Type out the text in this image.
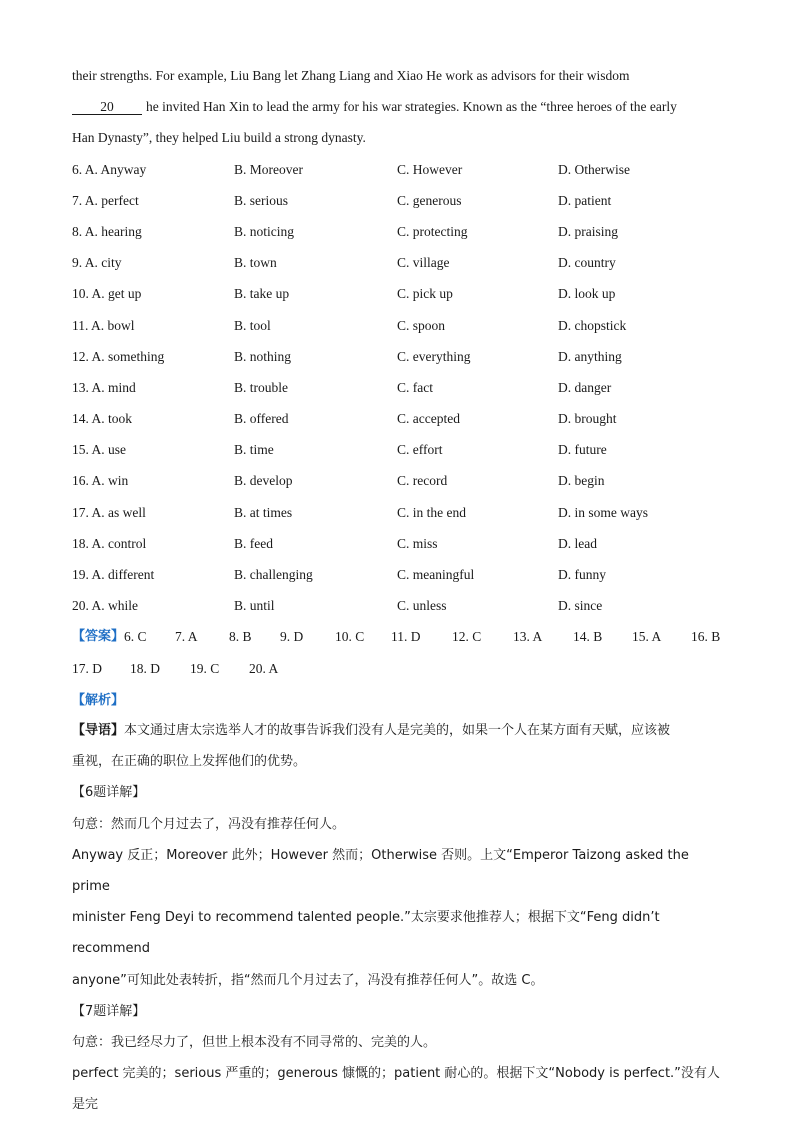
their strengths. For example, Liu Bang let Zhang Liang and Xiao He work as advisors for their wisdom
20 he invited Han Xin to lead the army for his war strategies. Known as the “three heroes of the early
Han Dynasty”, they helped Liu build a strong dynasty.
6. A. Anyway	B. Moreover	C. However	D. Otherwise
7. A. perfect	B. serious	C. generous	D. patient
8. A. hearing	B. noticing	C. protecting	D. praising
9. A. city	B. town	C. village	D. country
10. A. get up	B. take up	C. pick up	D. look up
11. A. bowl	B. tool	C. spoon	D. chopstick
12. A. something	B. nothing	C. everything	D. anything
13. A. mind	B. trouble	C. fact	D. danger
14. A. took	B. offered	C. accepted	D. brought
15. A. use	B. time	C. effort	D. future
16. A. win	B. develop	C. record	D. begin
17. A. as well	B. at times	C. in the end	D. in some ways
18. A. control	B. feed	C. miss	D. lead
19. A. different	B. challenging	C. meaningful	D. funny
20. A. while	B. until	C. unless	D. since
【答案】 6. C	7. A	8. B	9. D	10. C	11. D	12. C	13. A	14. B	15. A	16. B
17. D	18. D	19. C	20. A
【解析】
【导语】本文通过唐太宗选举人才的故事告诉我们没有人是完美的，如果一个人在某方面有天赋，应该被
重视，在正确的职位上发挥他们的优势。
【6题详解】
句意：然而几个月过去了，冯没有推荐任何人。
Anyway 反正；Moreover 此外；However 然而；Otherwise 否则。上文“Emperor Taizong asked the prime
minister Feng Deyi to recommend talented people.”太宗要求他推荐人；根据下文“Feng didn’t recommend
anyone”可知此处表转折，指“然而几个月过去了，冯没有推荐任何人”。故选 C。
【7题详解】
句意：我已经尽力了，但世上根本没有不同寻常的、完美的人。
perfect 完美的；serious 严重的；generous 慷慨的；patient 耐心的。根据下文“Nobody is perfect.”没有人是完
